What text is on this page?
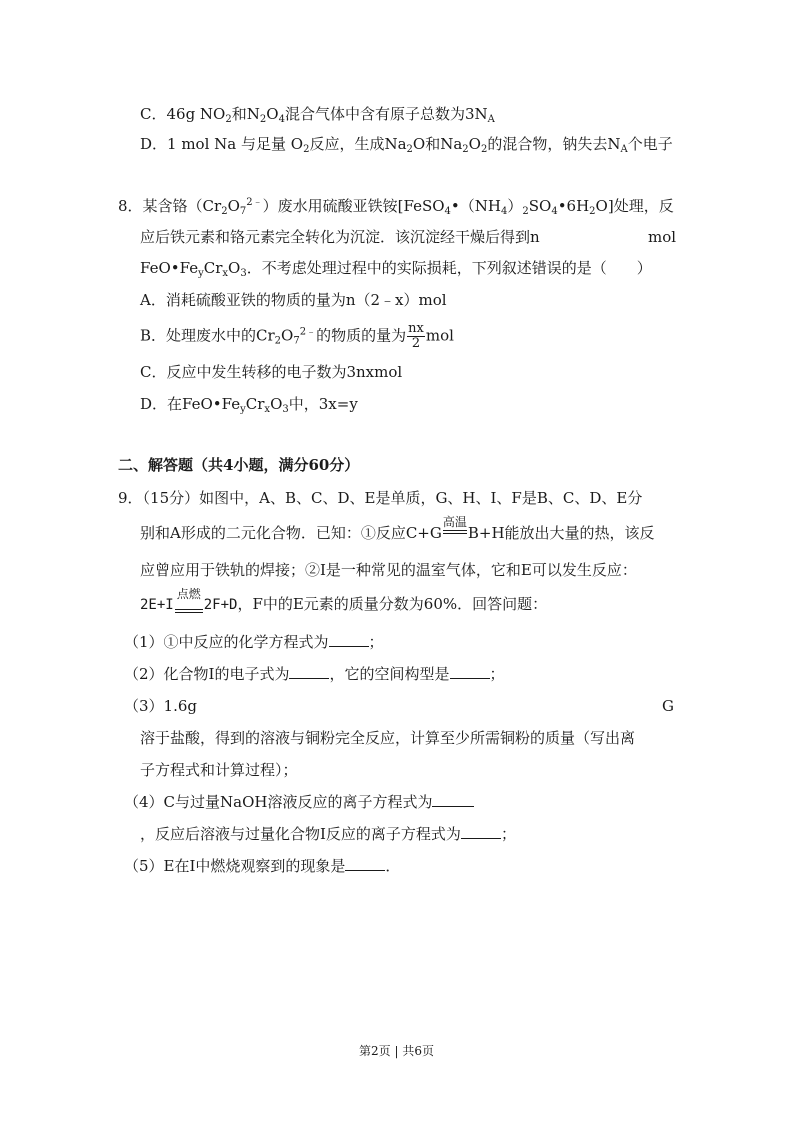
C．46g $NO_2$和$N_2O_4$混合气体中含有原子总数为$3N_A$
D．1 mol Na 与足量 $O_2$反应，生成$Na_2O$和$Na_2O_2$的混合物，钠失去$N_A$个电子
8．某含铬$(Cr_2O_7^{2﹣})$废水用硫酸亚铁铵$[FeSO_4•(NH_4)_2SO_4•6H_2O]$处理，反
应后铁元素和铬元素完全转化为沉淀．该沉淀经干燥后得到n	mol
$FeO•Fe_yCr_xO_3$．不考虑处理过程中的实际损耗，下列叙述错误的是（　　）
A．消耗硫酸亚铁的物质的量为n（2﹣x）mol
B．处理废水中的$Cr_2O_7^{2﹣}$的物质的量为 $\frac{nx}{2}$ mol
C．反应中发生转移的电子数为3nxmol
D．在$FeO•Fe_yCr_xO_3$中，3x=y
二、解答题（共4小题，满分60分）
9．（15分）如图中，A、B、C、D、E是单质，G、H、I、F是B、C、D、E分
别和A形成的二元化合物．已知：①反应C+G
高温
B+H能放出大量的热，该反
应曾应用于铁轨的焊接；②I是一种常见的温室气体，它和E可以发生反应：
2E+I
点燃
2F+D，F中的E元素的质量分数为60%．回答问题：
（1）①中反应的化学方程式为	；
（2）化合物I的电子式为	，它的空间构型是	；
（3）1.6g	G
溶于盐酸，得到的溶液与铜粉完全反应，计算至少所需铜粉的质量（写出离
子方程式和计算过程）；
（4）C与过量NaOH溶液反应的离子方程式为
，反应后溶液与过量化合物I反应的离子方程式为	；
（5）E在I中燃烧观察到的现象是	．
第2页 | 共6页
